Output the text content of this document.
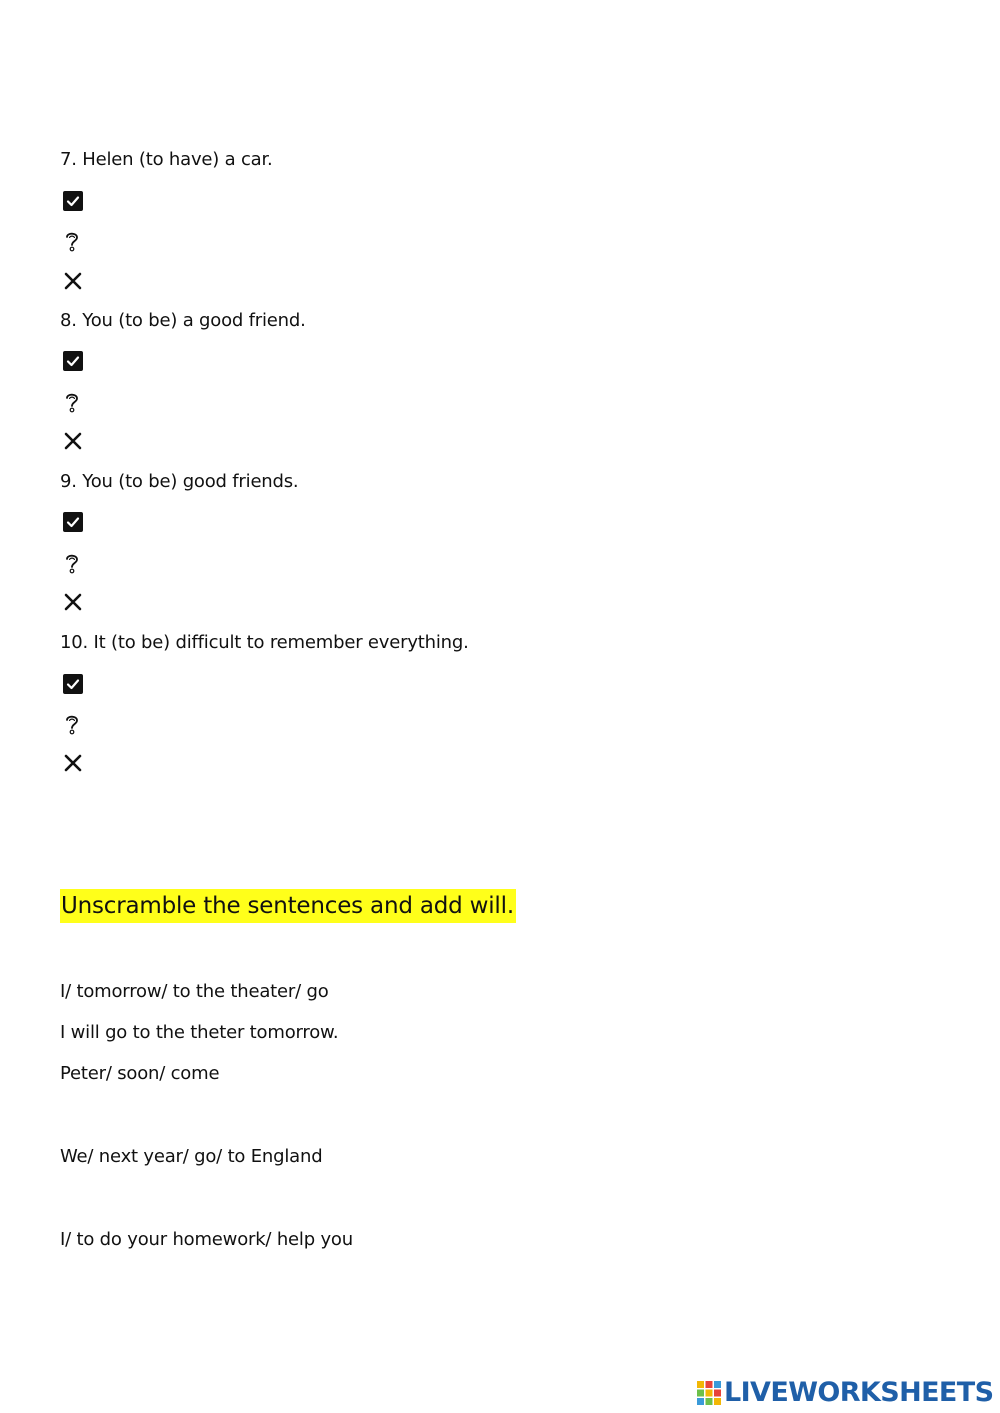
7. Helen (to have) a car.
8. You (to be) a good friend.
9. You (to be) good friends.
10. It (to be) difficult to remember everything.
Unscramble the sentences and add will.
I/ tomorrow/ to the theater/ go
I will go to the theter tomorrow.
Peter/ soon/ come
We/ next year/ go/ to England
I/ to do your homework/ help you
LIVEWORKSHEETS
